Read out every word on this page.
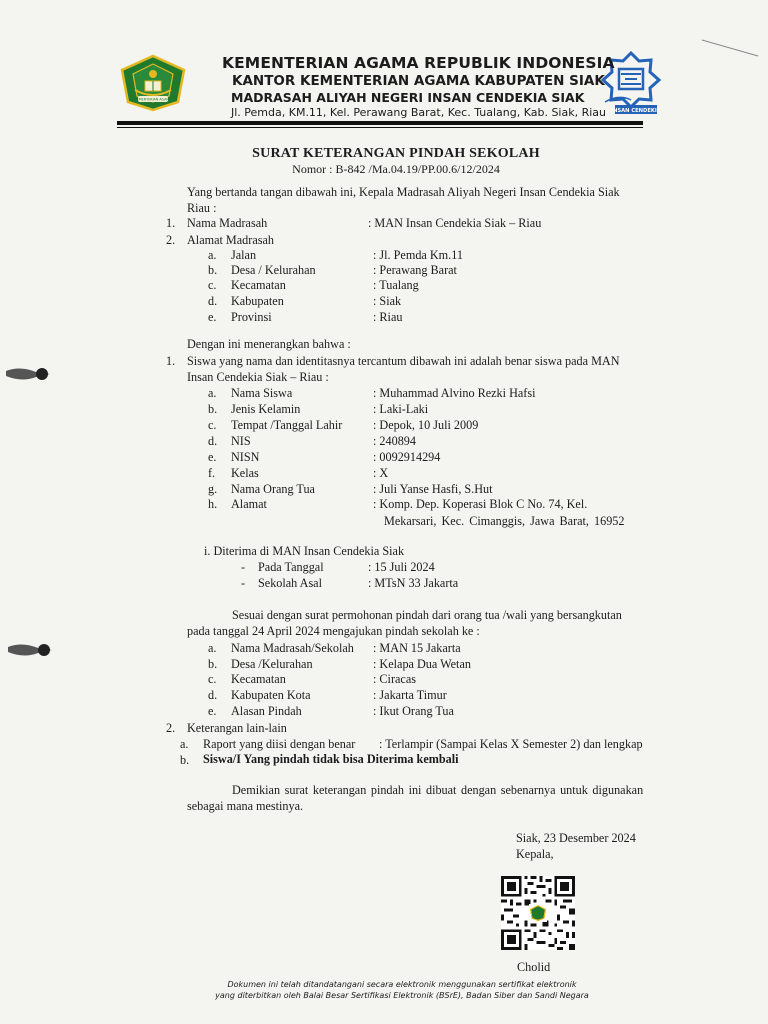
KEMENTERIAN AGAMA
INSAN CENDEKIA
KEMENTERIAN AGAMA REPUBLIK INDONESIA
KANTOR KEMENTERIAN AGAMA KABUPATEN SIAK
MADRASAH ALIYAH NEGERI INSAN CENDEKIA SIAK
Jl. Pemda, KM.11, Kel. Perawang Barat, Kec. Tualang, Kab. Siak, Riau
SURAT KETERANGAN PINDAH SEKOLAH
Nomor : B-842 /Ma.04.19/PP.00.6/12/2024
Yang bertanda tangan dibawah ini, Kepala Madrasah Aliyah Negeri Insan Cendekia Siak
Riau :
1. Nama Madrasah	: MAN Insan Cendekia Siak – Riau
2. Alamat Madrasah
a. Jalan	: Jl. Pemda Km.11
b. Desa / Kelurahan	: Perawang Barat
c. Kecamatan	: Tualang
d. Kabupaten	: Siak
e. Provinsi	: Riau
Dengan ini menerangkan bahwa :
1. Siswa yang nama dan identitasnya tercantum dibawah ini adalah benar siswa pada MAN
Insan Cendekia Siak – Riau :
a. Nama Siswa	: Muhammad Alvino Rezki Hafsi
b. Jenis Kelamin	: Laki-Laki
c. Tempat /Tanggal Lahir	: Depok, 10 Juli 2009
d. NIS	: 240894
e. NISN	: 0092914294
f. Kelas	: X
g. Nama Orang Tua	: Juli Yanse Hasfi, S.Hut
h. Alamat	: Komp. Dep. Koperasi Blok C No. 74, Kel.
Mekarsari, Kec. Cimanggis, Jawa Barat, 16952
i. Diterima di MAN Insan Cendekia Siak
- Pada Tanggal	: 15 Juli 2024
- Sekolah Asal	: MTsN 33 Jakarta
Sesuai dengan surat permohonan pindah dari orang tua /wali yang bersangkutan
pada tanggal 24 April 2024 mengajukan pindah sekolah ke :
a. Nama Madrasah/Sekolah : MAN 15 Jakarta
b. Desa /Kelurahan	: Kelapa Dua Wetan
c. Kecamatan	: Ciracas
d. Kabupaten Kota	: Jakarta Timur
e. Alasan Pindah	: Ikut Orang Tua
2. Keterangan lain-lain
a. Raport yang diisi dengan benar : Terlampir (Sampai Kelas X Semester 2) dan lengkap
b. Siswa/I Yang pindah tidak bisa Diterima kembali
Demikian surat keterangan pindah ini dibuat dengan sebenarnya untuk digunakan
sebagai mana mestinya.
Siak, 23 Desember 2024
Kepala,
Cholid
Dokumen ini telah ditandatangani secara elektronik menggunakan sertifikat elektronik
yang diterbitkan oleh Balai Besar Sertifikasi Elektronik (BSrE), Badan Siber dan Sandi Negara
